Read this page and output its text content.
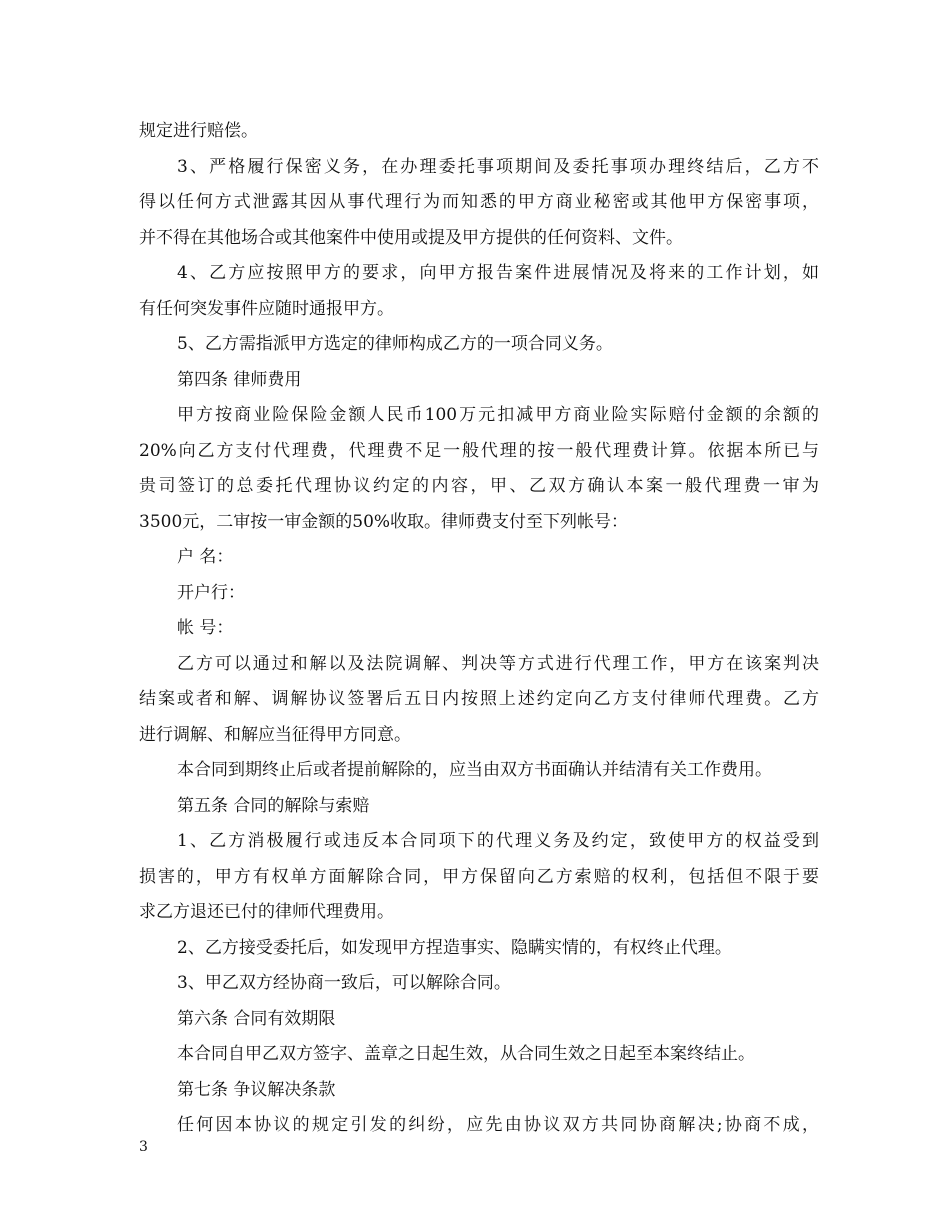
规定进行赔偿。
3、严格履行保密义务，在办理委托事项期间及委托事项办理终结后，乙方不
得以任何方式泄露其因从事代理行为而知悉的甲方商业秘密或其他甲方保密事项，
并不得在其他场合或其他案件中使用或提及甲方提供的任何资料、文件。
4、乙方应按照甲方的要求，向甲方报告案件进展情况及将来的工作计划，如
有任何突发事件应随时通报甲方。
5、乙方需指派甲方选定的律师构成乙方的一项合同义务。
第四条 律师费用
甲方按商业险保险金额人民币100万元扣减甲方商业险实际赔付金额的余额的
20%向乙方支付代理费，代理费不足一般代理的按一般代理费计算。依据本所已与
贵司签订的总委托代理协议约定的内容，甲、乙双方确认本案一般代理费一审为
3500元，二审按一审金额的50%收取。律师费支付至下列帐号：
户 名：
开户行：
帐 号：
乙方可以通过和解以及法院调解、判决等方式进行代理工作，甲方在该案判决
结案或者和解、调解协议签署后五日内按照上述约定向乙方支付律师代理费。乙方
进行调解、和解应当征得甲方同意。
本合同到期终止后或者提前解除的，应当由双方书面确认并结清有关工作费用。
第五条 合同的解除与索赔
1、乙方消极履行或违反本合同项下的代理义务及约定，致使甲方的权益受到
损害的，甲方有权单方面解除合同，甲方保留向乙方索赔的权利，包括但不限于要
求乙方退还已付的律师代理费用。
2、乙方接受委托后，如发现甲方捏造事实、隐瞒实情的，有权终止代理。
3、甲乙双方经协商一致后，可以解除合同。
第六条 合同有效期限
本合同自甲乙双方签字、盖章之日起生效，从合同生效之日起至本案终结止。
第七条 争议解决条款
任何因本协议的规定引发的纠纷，应先由协议双方共同协商解决;协商不成，
3
